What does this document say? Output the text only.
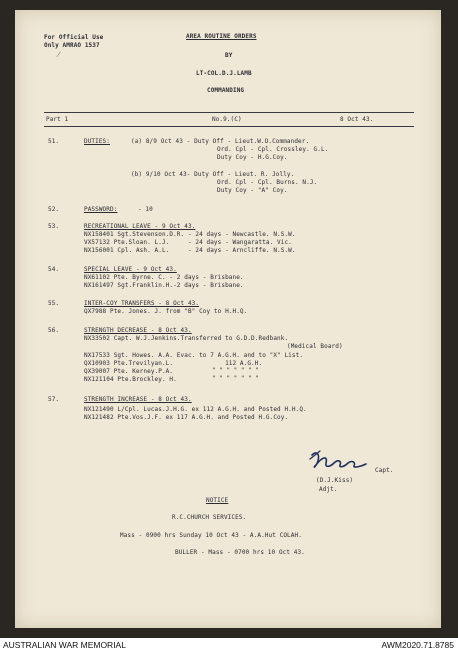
For Official Use
Only AMRAO 1537
⁄
AREA ROUTINE ORDERS
BY
LT-COL.D.J.LAMB
COMMANDING
Part 1	No.9.(C)	8 Oct 43.
51.	DUTIES:	(a) 8/9 Oct 43 - Duty Off - Lieut.W.O.Commander.
Ord. Cpl - Cpl. Crossley. G.L.
Duty Coy - H.G.Coy.
(b) 9/10 Oct 43- Duty Off - Lieut. R. Jolly.
Ord. Cpl - Cpl. Burns. N.J.
Duty Coy - "A" Coy.
52.	PASSWORD:	- 10
53.	RECREATIONAL LEAVE - 9 Oct 43.
NX158401 Sgt.Stevenson.D.R. - 24 days - Newcastle. N.S.W.
VX57132 Pte.Sloan. L.J.     - 24 days - Wangaratta. Vic.
NX156001 Cpl. Ash. A.L.     - 24 days - Arncliffe. N.S.W.
54.	SPECIAL LEAVE - 9 Oct 43.
NX61102 Pte. Byrne. C. - 2 days - Brisbane.
NX161497 Sgt.Franklin.H.-2 days - Brisbane.
55.	INTER-COY TRANSFERS - 8 Oct 43.
QX7988 Pte. Jones. J. from "B" Coy to H.H.Q.
56.	STRENGTH DECREASE - 8 Oct 43.
NX33502 Capt. W.J.Jenkins.Transferred to G.D.D.Redbank.
(Medical Board)
NX17533 Sgt. Howes. A.A. Evac. to 7 A.G.H. and to "X" List.
QX10903 Pte.Trevilyan.L.              112 A.G.H.
QX39007 Pte. Kerney.P.A.
NX121104 Pte.Brockley. H.
" " " " " " "
" " " " " " "
57.	STRENGTH INCREASE - 8 Oct 43.
NX121490 L/Cpl. Lucas.J.H.G. ex 112 A.G.H. and Posted H.H.Q.
NX121482 Pte.Vos.J.F. ex 117 A.G.H. and Posted H.G.Coy.
Capt.
(D.J.Kiss)
Adjt.
NOTICE
R.C.CHURCH SERVICES.
Mass - 0900 hrs Sunday 10 Oct 43 - A.A.Hut COLAH.
BULLER - Mass - 0700 hrs 10 Oct 43.
AUSTRALIAN WAR MEMORIAL	AWM2020.71.8785
